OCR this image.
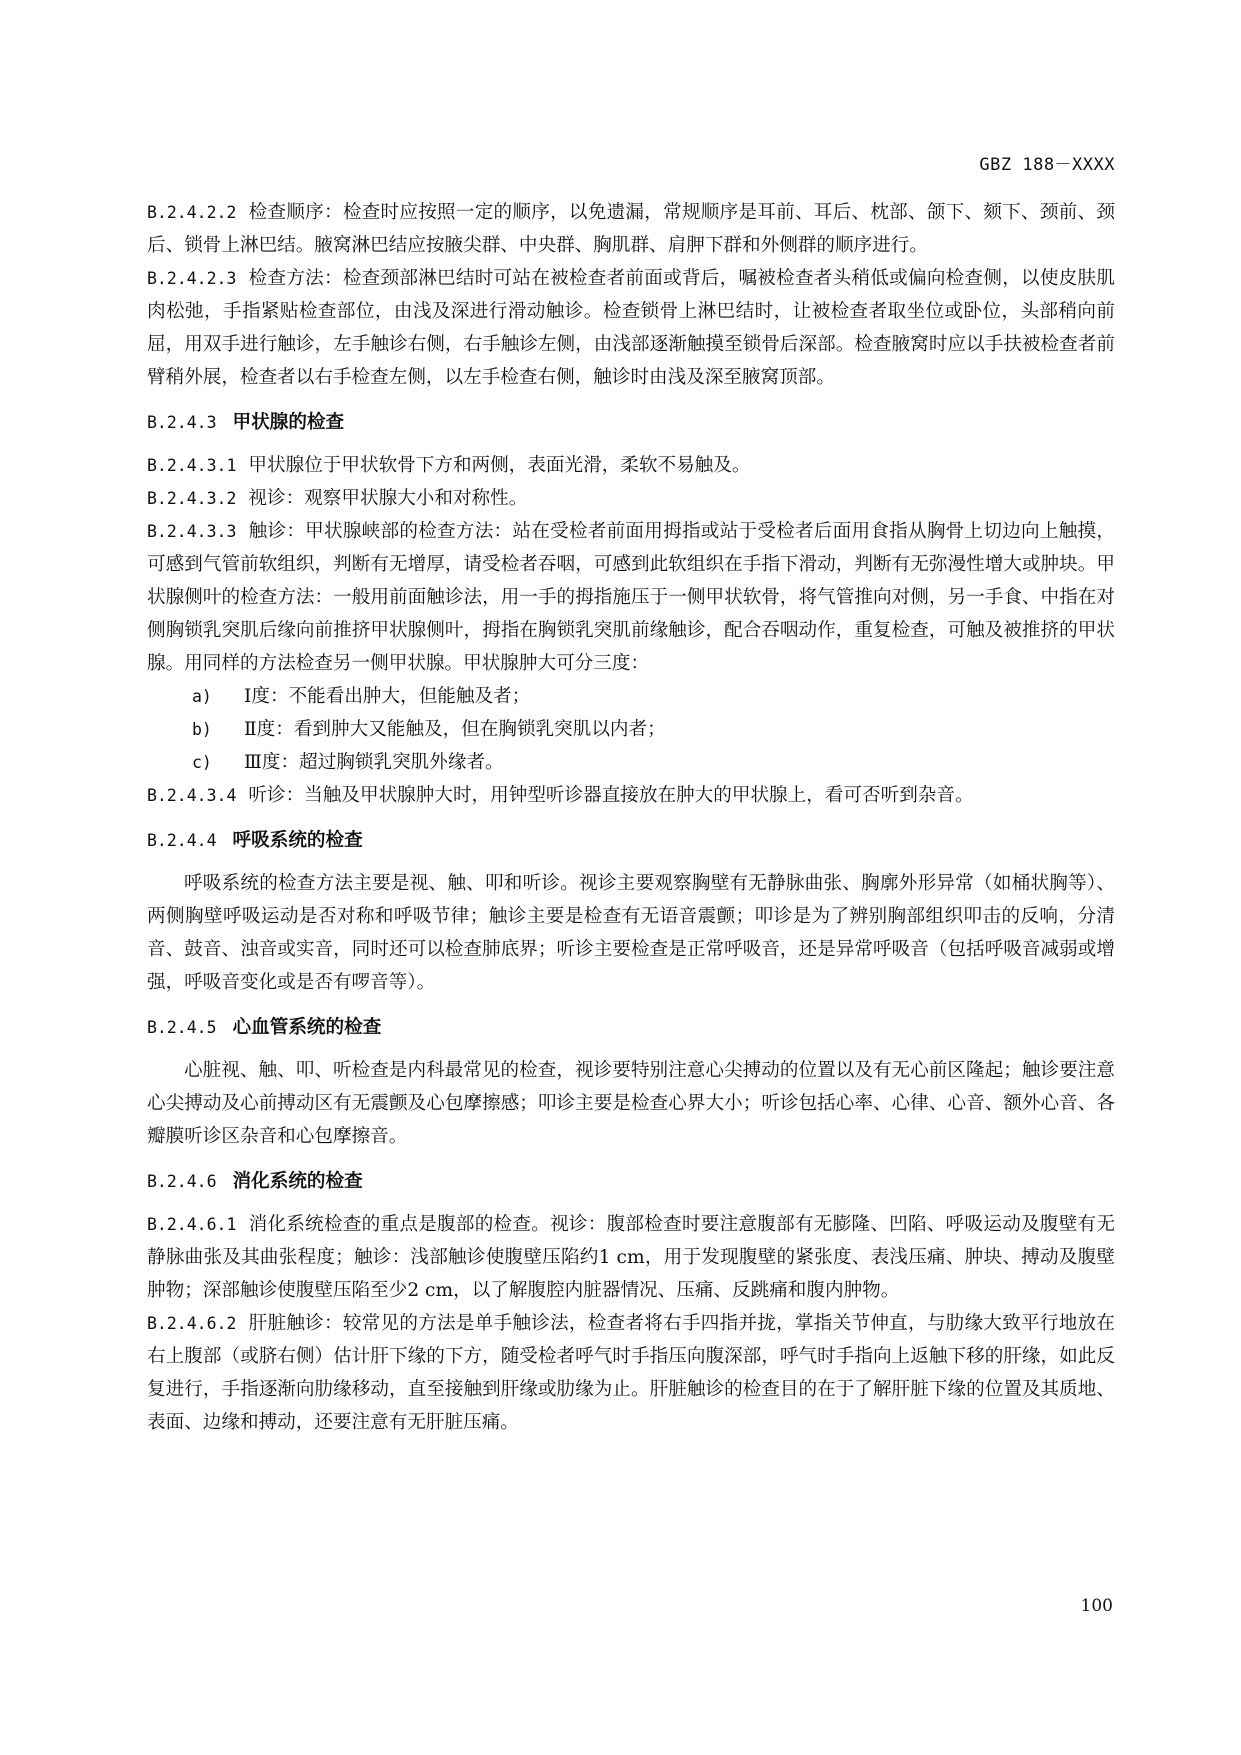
GBZ 188－XXXX

B.2.4.2.2 检查顺序：检查时应按照一定的顺序，以免遗漏，常规顺序是耳前、耳后、枕部、颌下、颏下、颈前、颈后、锁骨上淋巴结。腋窝淋巴结应按腋尖群、中央群、胸肌群、肩胛下群和外侧群的顺序进行。

B.2.4.2.3 检查方法：检查颈部淋巴结时可站在被检查者前面或背后，嘱被检查者头稍低或偏向检查侧，以使皮肤肌肉松弛，手指紧贴检查部位，由浅及深进行滑动触诊。检查锁骨上淋巴结时，让被检查者取坐位或卧位，头部稍向前屈，用双手进行触诊，左手触诊右侧，右手触诊左侧，由浅部逐渐触摸至锁骨后深部。检查腋窝时应以手扶被检查者前臂稍外展，检查者以右手检查左侧，以左手检查右侧，触诊时由浅及深至腋窝顶部。

B.2.4.3 甲状腺的检查

B.2.4.3.1 甲状腺位于甲状软骨下方和两侧，表面光滑，柔软不易触及。

B.2.4.3.2 视诊：观察甲状腺大小和对称性。

B.2.4.3.3 触诊：甲状腺峡部的检查方法：站在受检者前面用拇指或站于受检者后面用食指从胸骨上切边向上触摸，可感到气管前软组织，判断有无增厚，请受检者吞咽，可感到此软组织在手指下滑动，判断有无弥漫性增大或肿块。甲状腺侧叶的检查方法：一般用前面触诊法，用一手的拇指施压于一侧甲状软骨，将气管推向对侧，另一手食、中指在对侧胸锁乳突肌后缘向前推挤甲状腺侧叶，拇指在胸锁乳突肌前缘触诊，配合吞咽动作，重复检查，可触及被推挤的甲状腺。用同样的方法检查另一侧甲状腺。甲状腺肿大可分三度：

a) Ⅰ度：不能看出肿大，但能触及者；

b) Ⅱ度：看到肿大又能触及，但在胸锁乳突肌以内者；

c) Ⅲ度：超过胸锁乳突肌外缘者。

B.2.4.3.4 听诊：当触及甲状腺肿大时，用钟型听诊器直接放在肿大的甲状腺上，看可否听到杂音。

B.2.4.4 呼吸系统的检查

呼吸系统的检查方法主要是视、触、叩和听诊。视诊主要观察胸壁有无静脉曲张、胸廓外形异常（如桶状胸等）、两侧胸壁呼吸运动是否对称和呼吸节律；触诊主要是检查有无语音震颤；叩诊是为了辨别胸部组织叩击的反响，分清音、鼓音、浊音或实音，同时还可以检查肺底界；听诊主要检查是正常呼吸音，还是异常呼吸音（包括呼吸音减弱或增强，呼吸音变化或是否有啰音等）。

B.2.4.5 心血管系统的检查

心脏视、触、叩、听检查是内科最常见的检查，视诊要特别注意心尖搏动的位置以及有无心前区隆起；触诊要注意心尖搏动及心前搏动区有无震颤及心包摩擦感；叩诊主要是检查心界大小；听诊包括心率、心律、心音、额外心音、各瓣膜听诊区杂音和心包摩擦音。

B.2.4.6 消化系统的检查

B.2.4.6.1 消化系统检查的重点是腹部的检查。视诊：腹部检查时要注意腹部有无膨隆、凹陷、呼吸运动及腹壁有无静脉曲张及其曲张程度；触诊：浅部触诊使腹壁压陷约1 cm，用于发现腹壁的紧张度、表浅压痛、肿块、搏动及腹壁肿物；深部触诊使腹壁压陷至少2 cm，以了解腹腔内脏器情况、压痛、反跳痛和腹内肿物。

B.2.4.6.2 肝脏触诊：较常见的方法是单手触诊法，检查者将右手四指并拢，掌指关节伸直，与肋缘大致平行地放在右上腹部（或脐右侧）估计肝下缘的下方，随受检者呼气时手指压向腹深部，呼气时手指向上返触下移的肝缘，如此反复进行，手指逐渐向肋缘移动，直至接触到肝缘或肋缘为止。肝脏触诊的检查目的在于了解肝脏下缘的位置及其质地、表面、边缘和搏动，还要注意有无肝脏压痛。

100
